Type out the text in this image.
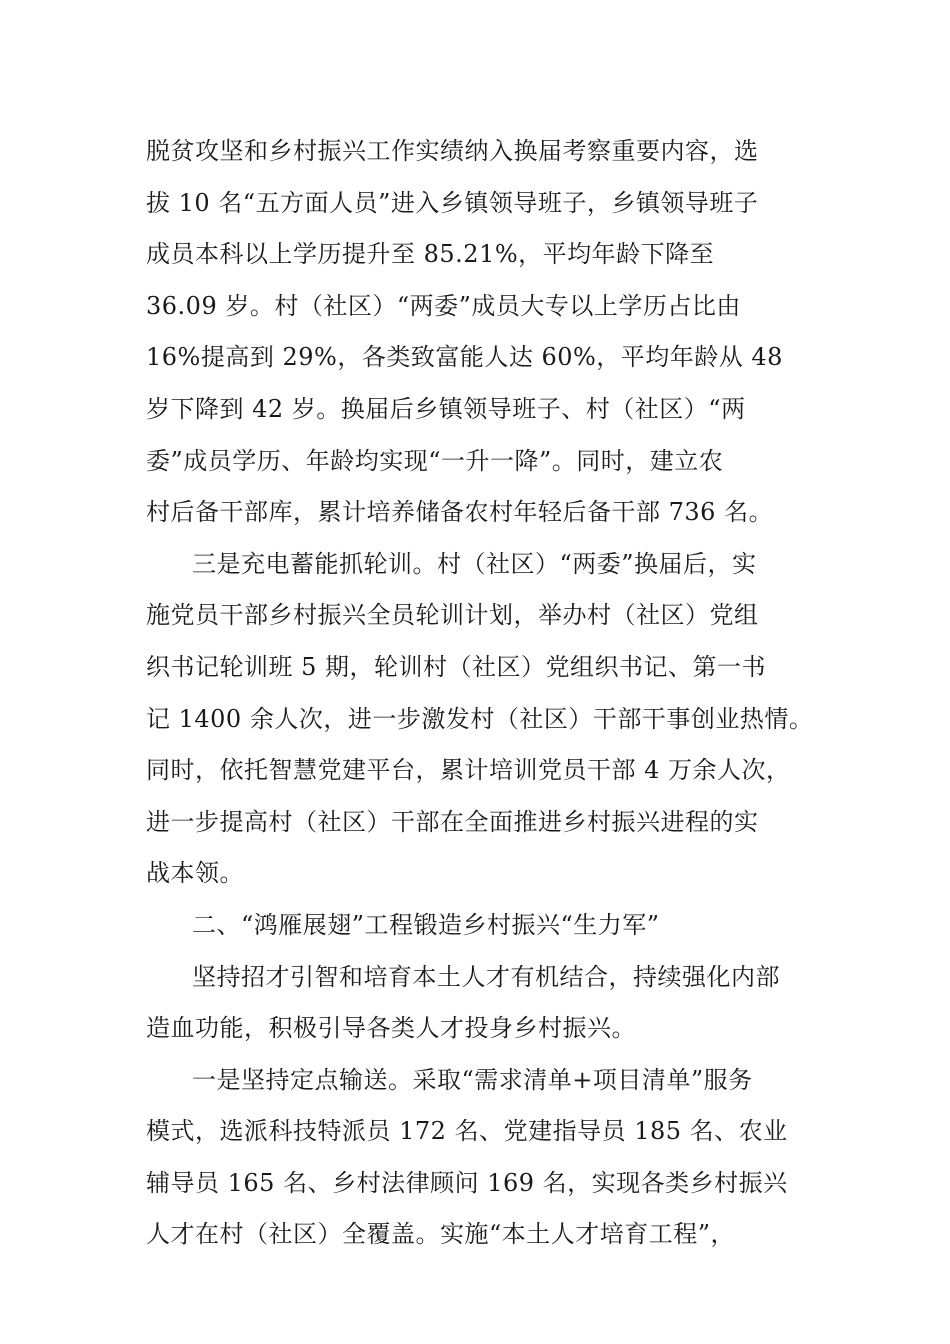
脱贫攻坚和乡村振兴工作实绩纳入换届考察重要内容，选
拔 10 名“五方面人员”进入乡镇领导班子，乡镇领导班子
成员本科以上学历提升至 85.21%，平均年龄下降至
36.09 岁。村（社区）“两委”成员大专以上学历占比由
16%提高到 29%，各类致富能人达 60%，平均年龄从 48
岁下降到 42 岁。换届后乡镇领导班子、村（社区）“两
委”成员学历、年龄均实现“一升一降”。同时，建立农
村后备干部库，累计培养储备农村年轻后备干部 736 名。
三是充电蓄能抓轮训。村（社区）“两委”换届后，实
施党员干部乡村振兴全员轮训计划，举办村（社区）党组
织书记轮训班 5 期，轮训村（社区）党组织书记、第一书
记 1400 余人次，进一步激发村（社区）干部干事创业热情。
同时，依托智慧党建平台，累计培训党员干部 4 万余人次，
进一步提高村（社区）干部在全面推进乡村振兴进程的实
战本领。
二、“鸿雁展翅”工程锻造乡村振兴“生力军”
坚持招才引智和培育本土人才有机结合，持续强化内部
造血功能，积极引导各类人才投身乡村振兴。
一是坚持定点输送。采取“需求清单+项目清单”服务
模式，选派科技特派员 172 名、党建指导员 185 名、农业
辅导员 165 名、乡村法律顾问 169 名，实现各类乡村振兴
人才在村（社区）全覆盖。实施“本土人才培育工程”，
